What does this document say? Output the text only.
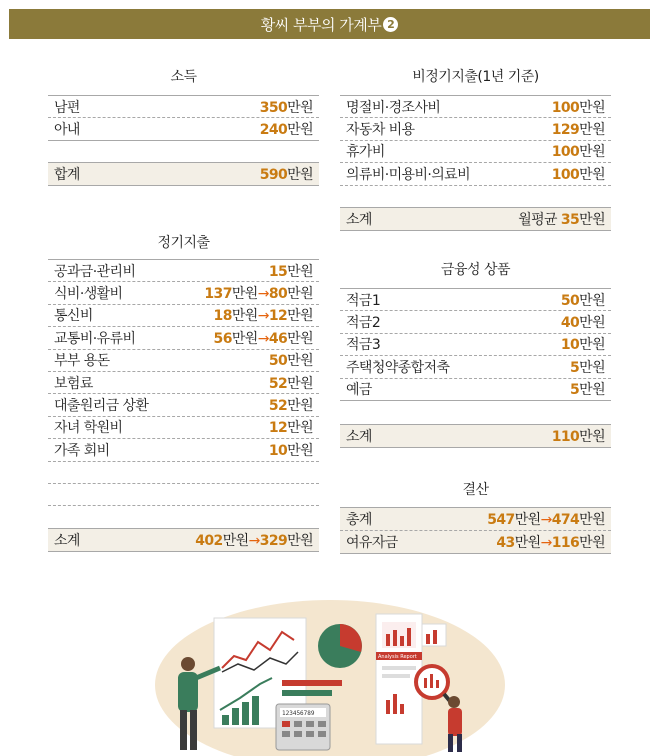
황씨 부부의 가계부 2
소득
남편	350만원
아내	240만원
합계	590만원
정기지출
공과금·관리비	15만원
식비·생활비	137만원→80만원
통신비	18만원→12만원
교통비·유류비	56만원→46만원
부부 용돈	50만원
보험료	52만원
대출원리금 상환	52만원
자녀 학원비	12만원
가족 회비	10만원
소계	402만원→329만원
비정기지출(1년 기준)
명절비·경조사비	100만원
자동차 비용	129만원
휴가비	100만원
의류비·미용비·의료비	100만원
소계	월평균 35만원
금융성 상품
적금1	50만원
적금2	40만원
적금3	10만원
주택청약종합저축	5만원
예금	5만원
소계	110만원
결산
총계	547만원→474만원
여유자금	43만원→116만원
123456789
Analysis Report
